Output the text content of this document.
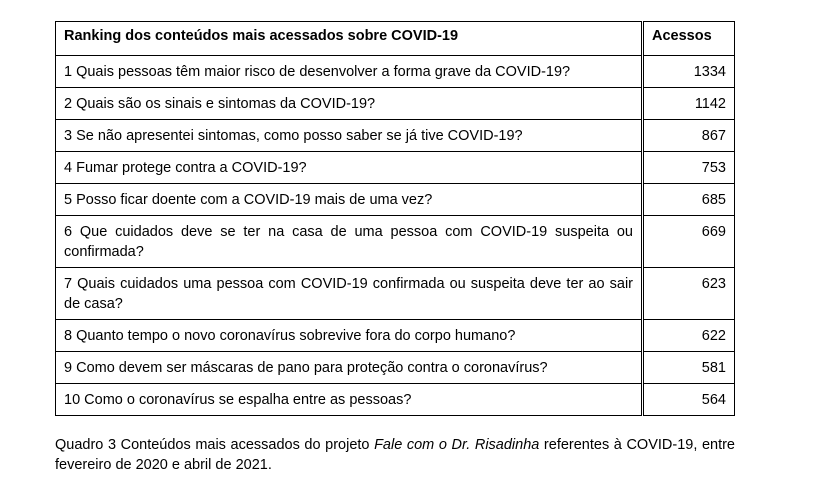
Ranking dos conteúdos mais acessados sobre COVID-19	Acessos
1 Quais pessoas têm maior risco de desenvolver a forma grave da COVID-19?	1334
2 Quais são os sinais e sintomas da COVID-19?	1142
3 Se não apresentei sintomas, como posso saber se já tive COVID-19?	867
4 Fumar protege contra a COVID-19?	753
5 Posso ficar doente com a COVID-19 mais de uma vez?	685
6 Que cuidados deve se ter na casa de uma pessoa com COVID-19 suspeita ou confirmada?	669
7 Quais cuidados uma pessoa com COVID-19 confirmada ou suspeita deve ter ao sair de casa?	623
8 Quanto tempo o novo coronavírus sobrevive fora do corpo humano?	622
9 Como devem ser máscaras de pano para proteção contra o coronavírus?	581
10 Como o coronavírus se espalha entre as pessoas?	564

Quadro 3 Conteúdos mais acessados do projeto Fale com o Dr. Risadinha referentes à COVID-19, entre fevereiro de 2020 e abril de 2021.
